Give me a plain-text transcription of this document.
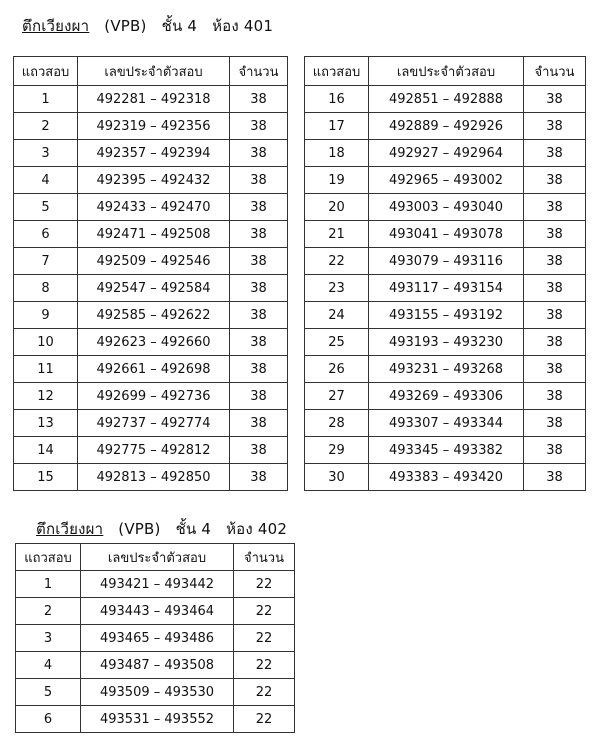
ตึกเวียงผา (VPB) ชั้น 4 ห้อง 401
แถวสอบ	เลขประจำตัวสอบ	จำนวน
1	492281 – 492318	38
2	492319 – 492356	38
3	492357 – 492394	38
4	492395 – 492432	38
5	492433 – 492470	38
6	492471 – 492508	38
7	492509 – 492546	38
8	492547 – 492584	38
9	492585 – 492622	38
10	492623 – 492660	38
11	492661 – 492698	38
12	492699 – 492736	38
13	492737 – 492774	38
14	492775 – 492812	38
15	492813 – 492850	38
แถวสอบ	เลขประจำตัวสอบ	จำนวน
16	492851 – 492888	38
17	492889 – 492926	38
18	492927 – 492964	38
19	492965 – 493002	38
20	493003 – 493040	38
21	493041 – 493078	38
22	493079 – 493116	38
23	493117 – 493154	38
24	493155 – 493192	38
25	493193 – 493230	38
26	493231 – 493268	38
27	493269 – 493306	38
28	493307 – 493344	38
29	493345 – 493382	38
30	493383 – 493420	38
ตึกเวียงผา (VPB) ชั้น 4 ห้อง 402
แถวสอบ	เลขประจำตัวสอบ	จำนวน
1	493421 – 493442	22
2	493443 – 493464	22
3	493465 – 493486	22
4	493487 – 493508	22
5	493509 – 493530	22
6	493531 – 493552	22
